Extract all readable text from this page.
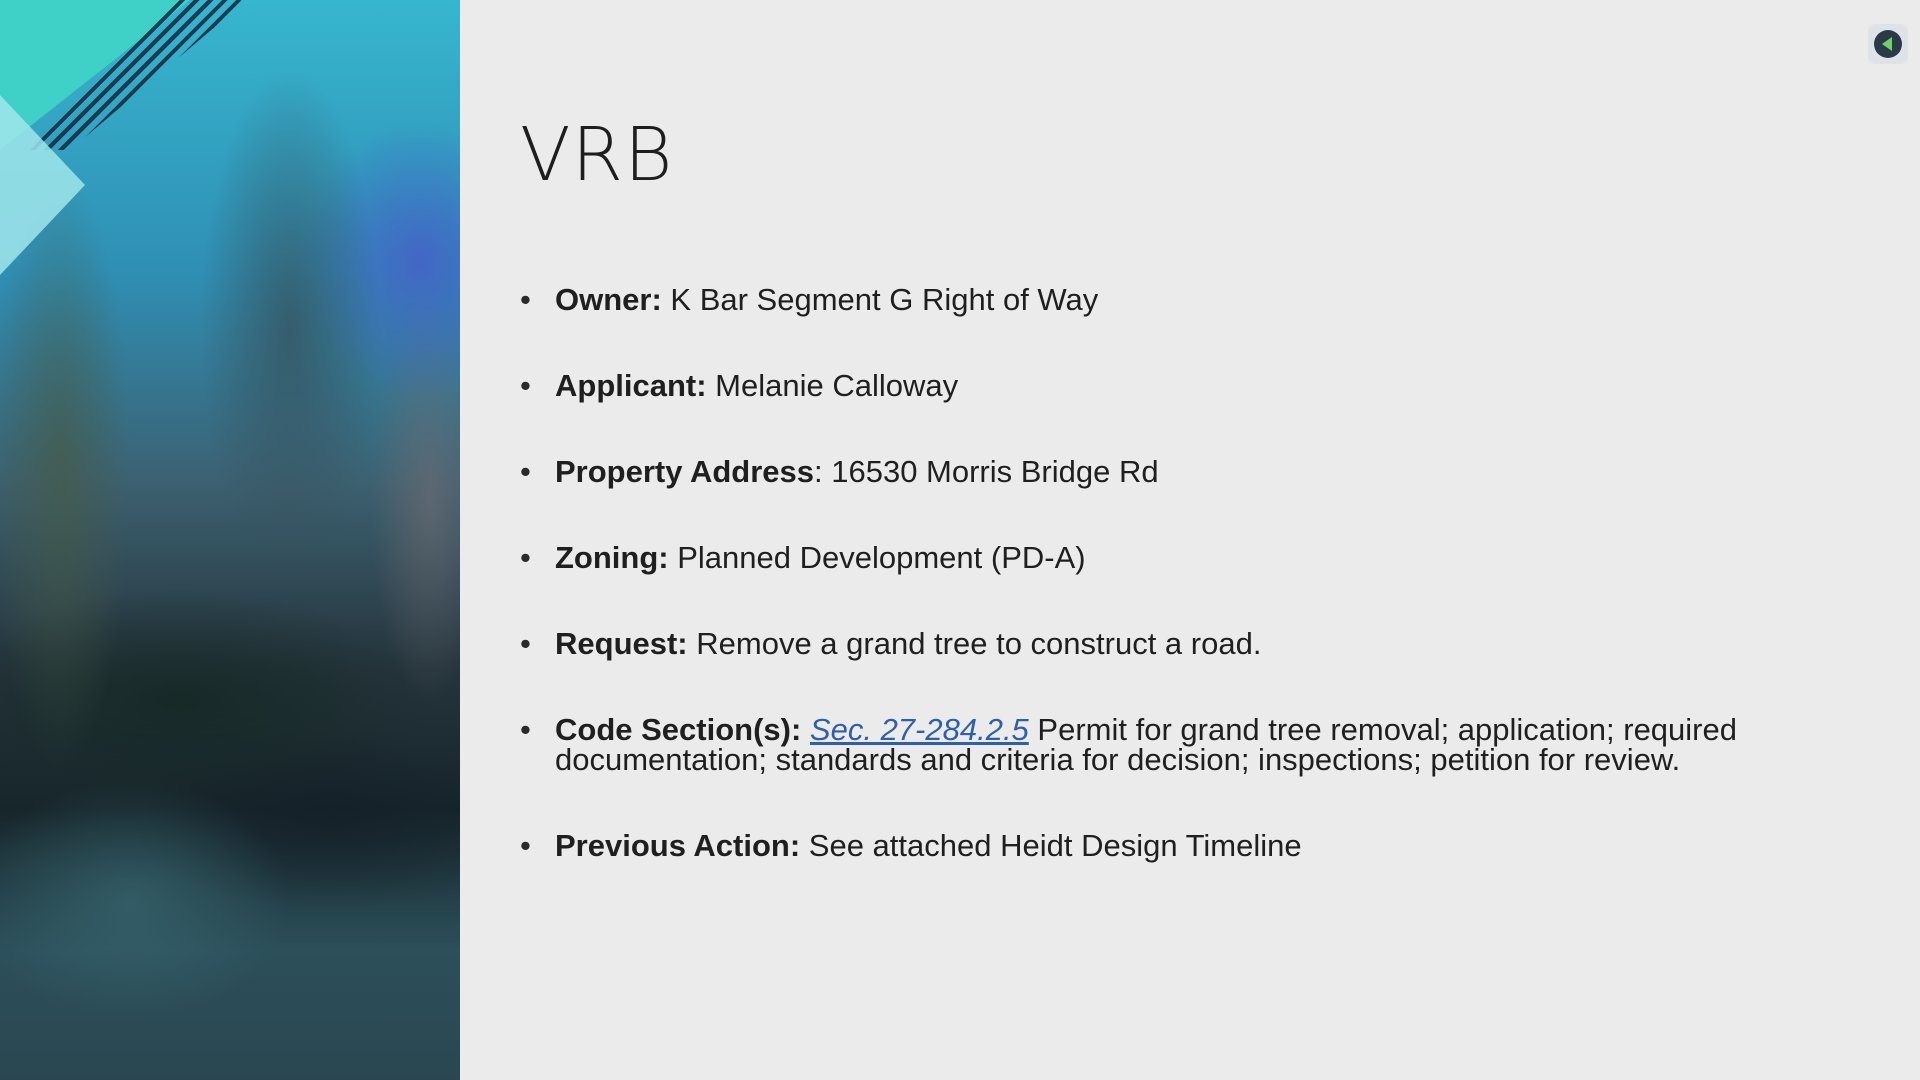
VRB
• Owner: K Bar Segment G Right of Way
• Applicant: Melanie Calloway
• Property Address: 16530 Morris Bridge Rd
• Zoning: Planned Development (PD-A)
• Request: Remove a grand tree to construct a road.
• Code Section(s): Sec. 27-284.2.5 Permit for grand tree removal; application; required documentation; standards and criteria for decision; inspections; petition for review.
• Previous Action: See attached Heidt Design Timeline
